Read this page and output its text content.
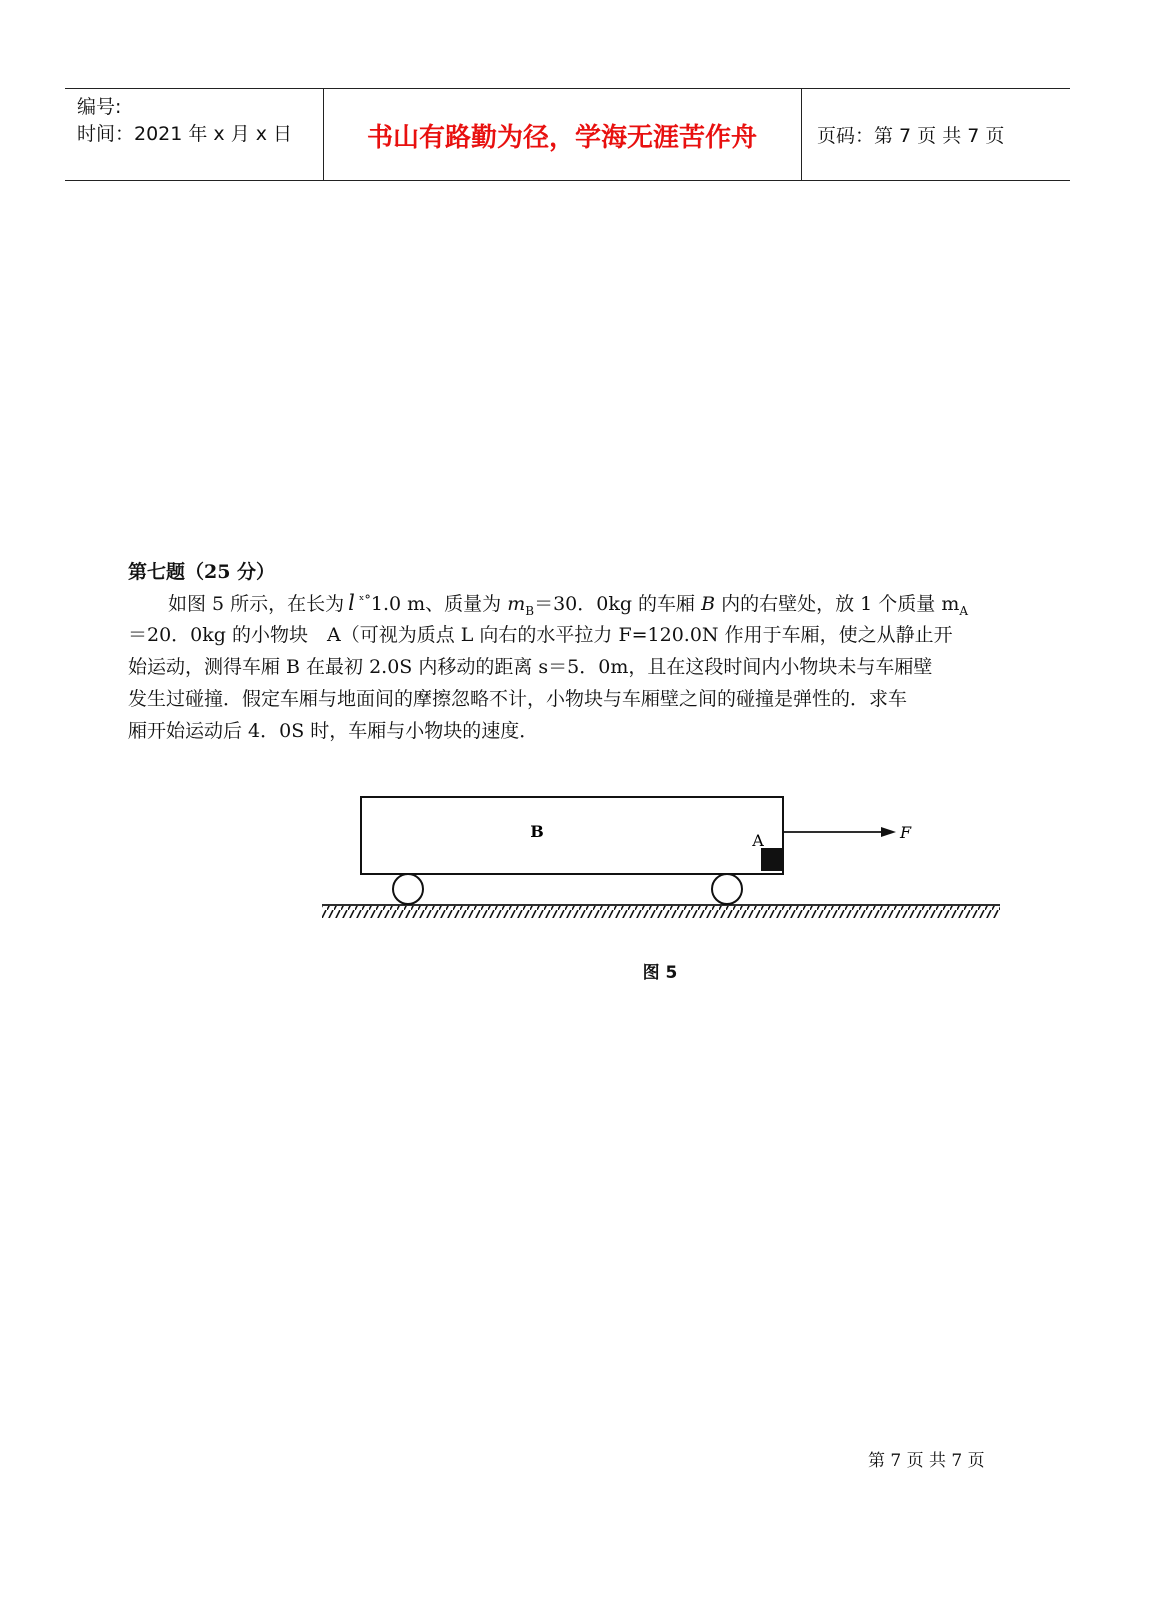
编号:
时间：2021 年 x 月 x 日	书山有路勤为径，学海无涯苦作舟	页码：第 7 页 共 7 页
第七题（25 分）
如图 5 所示，在长为 l $^{ˣ^\circ}$1.0 m、质量为 $m_B=30$．0kg 的车厢 B 内的右壁处，放 1 个质量 $m_A$
＝20．0kg 的小物块　A（可视为质点 L 向右的水平拉力 F=120.0N 作用于车厢，使之从静止开
始运动，测得车厢 B 在最初 2.0S 内移动的距离 s＝5．0m，且在这段时间内小物块未与车厢壁
发生过碰撞．假定车厢与地面间的摩擦忽略不计，小物块与车厢壁之间的碰撞是弹性的．求车
厢开始运动后 4．0S 时，车厢与小物块的速度．
B	A	F
图 5
第 7 页 共 7 页
